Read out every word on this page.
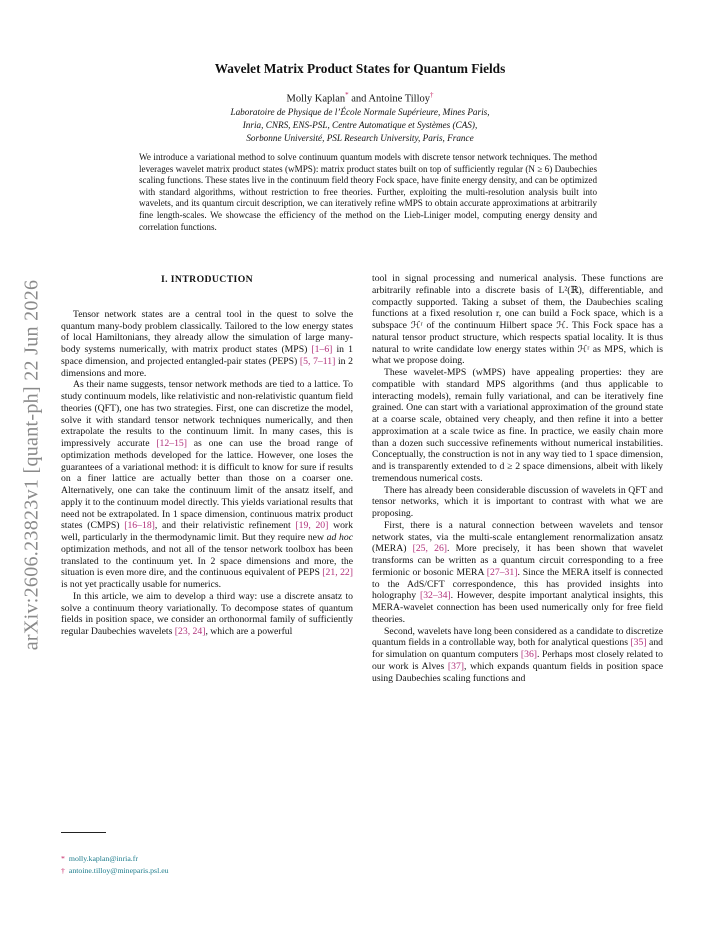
arXiv:2606.23823v1 [quant-ph] 22 Jun 2026
Wavelet Matrix Product States for Quantum Fields
Molly Kaplan* and Antoine Tilloy†
Laboratoire de Physique de l’École Normale Supérieure, Mines Paris,
Inria, CNRS, ENS-PSL, Centre Automatique et Systèmes (CAS),
Sorbonne Université, PSL Research University, Paris, France
We introduce a variational method to solve continuum quantum models with discrete tensor network techniques. The method leverages wavelet matrix product states (wMPS): matrix product states built on top of sufficiently regular (N ≥ 6) Daubechies scaling functions. These states live in the continuum field theory Fock space, have finite energy density, and can be optimized with standard algorithms, without restriction to free theories. Further, exploiting the multi-resolution analysis built into wavelets, and its quantum circuit description, we can iteratively refine wMPS to obtain accurate approximations at arbitrarily fine length-scales. We showcase the efficiency of the method on the Lieb-Liniger model, computing energy density and correlation functions.
I. INTRODUCTION

Tensor network states are a central tool in the quest to solve the quantum many-body problem classically. Tailored to the low energy states of local Hamiltonians, they already allow the simulation of large many-body systems numerically, with matrix product states (MPS) [1–6] in 1 space dimension, and projected entangled-pair states (PEPS) [5, 7–11] in 2 dimensions and more.

As their name suggests, tensor network methods are tied to a lattice. To study continuum models, like relativistic and non-relativistic quantum field theories (QFT), one has two strategies. First, one can discretize the model, solve it with standard tensor network techniques numerically, and then extrapolate the results to the continuum limit. In many cases, this is impressively accurate [12–15] as one can use the broad range of optimization methods developed for the lattice. However, one loses the guarantees of a variational method: it is difficult to know for sure if results on a finer lattice are actually better than those on a coarser one. Alternatively, one can take the continuum limit of the ansatz itself, and apply it to the continuum model directly. This yields variational results that need not be extrapolated. In 1 space dimension, continuous matrix product states (CMPS) [16–18], and their relativistic refinement [19, 20] work well, particularly in the thermodynamic limit. But they require new ad hoc optimization methods, and not all of the tensor network toolbox has been translated to the continuum yet. In 2 space dimensions and more, the situation is even more dire, and the continuous equivalent of PEPS [21, 22] is not yet practically usable for numerics.

In this article, we aim to develop a third way: use a discrete ansatz to solve a continuum theory variationally. To decompose states of quantum fields in position space, we consider an orthonormal family of sufficiently regular Daubechies wavelets [23, 24], which are a powerful

tool in signal processing and numerical analysis. These functions are arbitrarily refinable into a discrete basis of L²(ℝ), differentiable, and compactly supported. Taking a subset of them, the Daubechies scaling functions at a fixed resolution r, one can build a Fock space, which is a subspace ℋʳ of the continuum Hilbert space ℋ. This Fock space has a natural tensor product structure, which respects spatial locality. It is thus natural to write candidate low energy states within ℋʳ as MPS, which is what we propose doing.

These wavelet-MPS (wMPS) have appealing properties: they are compatible with standard MPS algorithms (and thus applicable to interacting models), remain fully variational, and can be iteratively fine grained. One can start with a variational approximation of the ground state at a coarse scale, obtained very cheaply, and then refine it into a better approximation at a scale twice as fine. In practice, we easily chain more than a dozen such successive refinements without numerical instabilities. Conceptually, the construction is not in any way tied to 1 space dimension, and is transparently extended to d ≥ 2 space dimensions, albeit with likely tremendous numerical costs.

There has already been considerable discussion of wavelets in QFT and tensor networks, which it is important to contrast with what we are proposing.

First, there is a natural connection between wavelets and tensor network states, via the multi-scale entanglement renormalization ansatz (MERA) [25, 26]. More precisely, it has been shown that wavelet transforms can be written as a quantum circuit corresponding to a free fermionic or bosonic MERA [27–31]. Since the MERA itself is connected to the AdS/CFT correspondence, this has provided insights into holography [32–34]. However, despite important analytical insights, this MERA-wavelet connection has been used numerically only for free field theories.

Second, wavelets have long been considered as a candidate to discretize quantum fields in a controllable way, both for analytical questions [35] and for simulation on quantum computers [36]. Perhaps most closely related to our work is Alves [37], which expands quantum fields in position space using Daubechies scaling functions and

* molly.kaplan@inria.fr
† antoine.tilloy@mineparis.psl.eu
